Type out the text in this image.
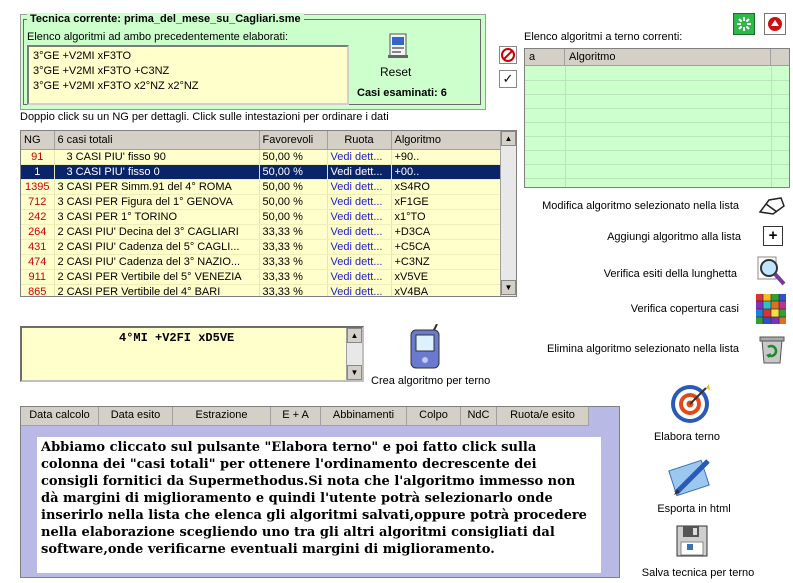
Tecnica corrente: prima_del_mese_su_Cagliari.sme
Elenco algoritmi ad ambo precedentemente elaborati:
3°GE +V2MI xF3TO
3°GE +V2MI xF3TO +C3NZ
3°GE +V2MI xF3TO x2°NZ x2°NZ
Reset
Casi esaminati: 6
Elenco algoritmi a terno correnti:
✓
a	Algoritmo
Doppio click su un NG per dettagli. Click sulle intestazioni per ordinare i dati
NG	6 casi totali	Favorevoli	Ruota	Algoritmo
91	3 CASI PIU' fisso 90	50,00 %	Vedi dett...	+90..
1	3 CASI PIU' fisso 0	50,00 %	Vedi dett...	+00..
1395	3 CASI PER Simm.91 del 4° ROMA	50,00 %	Vedi dett...	xS4RO
712	3 CASI PER Figura del 1° GENOVA	50,00 %	Vedi dett...	xF1GE
242	3 CASI PER 1° TORINO	50,00 %	Vedi dett...	x1°TO
264	2 CASI PIU' Decina del 3° CAGLIARI	33,33 %	Vedi dett...	+D3CA
431	2 CASI PIU' Cadenza del 5° CAGLI...	33,33 %	Vedi dett...	+C5CA
474	2 CASI PIU' Cadenza del 3° NAZIO...	33,33 %	Vedi dett...	+C3NZ
911	2 CASI PER Vertibile del 5° VENEZIA	33,33 %	Vedi dett...	xV5VE
865	2 CASI PER Vertibile del 4° BARI	33,33 %	Vedi dett...	xV4BA
▲
▼
Modifica algoritmo selezionato nella lista
Aggiungi algoritmo alla lista	+
Verifica esiti della lunghetta
Verifica copertura casi
Elimina algoritmo selezionato nella lista
4°MI +V2FI xD5VE	▲
▼
Crea algoritmo per terno
Data calcolo	Data esito	Estrazione	E + A	Abbinamenti	Colpo	NdC	Ruota/e esito
Abbiamo cliccato sul pulsante "Elabora terno" e poi fatto click sulla colonna dei "casi totali" per ottenere l'ordinamento decrescente dei consigli fornitici da Supermethodus.Si nota che l'algoritmo immesso non dà margini di miglioramento e quindi l'utente potrà selezionarlo onde inserirlo nella lista che elenca gli algoritmi salvati,oppure potrà procedere nella elaborazione scegliendo uno tra gli altri algoritmi consigliati dal software,onde verificarne eventuali margini di miglioramento.
Elabora terno
Esporta in html
Salva tecnica per terno
